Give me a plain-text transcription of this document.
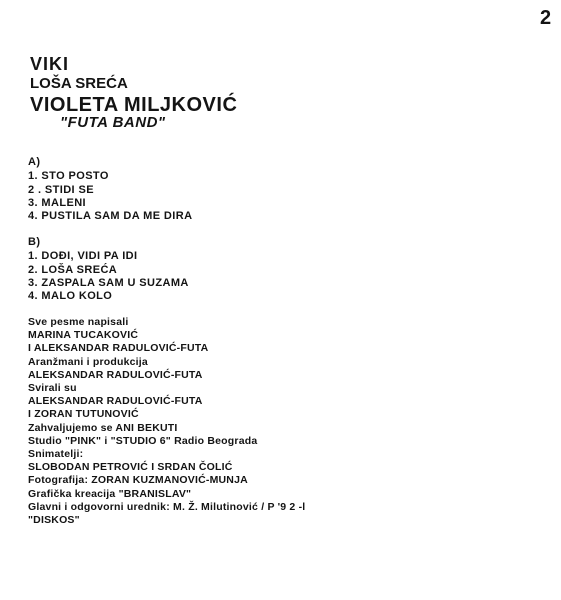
2
VIKI
LOŠA SREĆA
VIOLETA MILJKOVIĆ
"FUTA BAND"
A)
1. STO POSTO
2 . STIDI SE
3. MALENI
4. PUSTILA SAM DA ME DIRA
B)
1. DOĐI, VIDI PA IDI
2. LOŠA SREĆA
3. ZASPALA SAM U SUZAMA
4. MALO KOLO
Sve pesme napisali
MARINA TUCAKOVIĆ
I ALEKSANDAR RADULOVIĆ-FUTA
Aranžmani i produkcija
ALEKSANDAR RADULOVIĆ-FUTA
Svirali su
ALEKSANDAR RADULOVIĆ-FUTA
I ZORAN TUTUNOVIĆ
Zahvaljujemo se ANI BEKUTI
Studio "PINK" i "STUDIO 6" Radio Beograda
Snimatelji:
SLOBODAN PETROVIĆ I SRDAN ČOLIĆ
Fotografija: ZORAN KUZMANOVIĆ-MUNJA
Grafička kreacija "BRANISLAV"
Glavni i odgovorni urednik: M. Ž. Milutinović / P '9 2 -l
"DISKOS"
